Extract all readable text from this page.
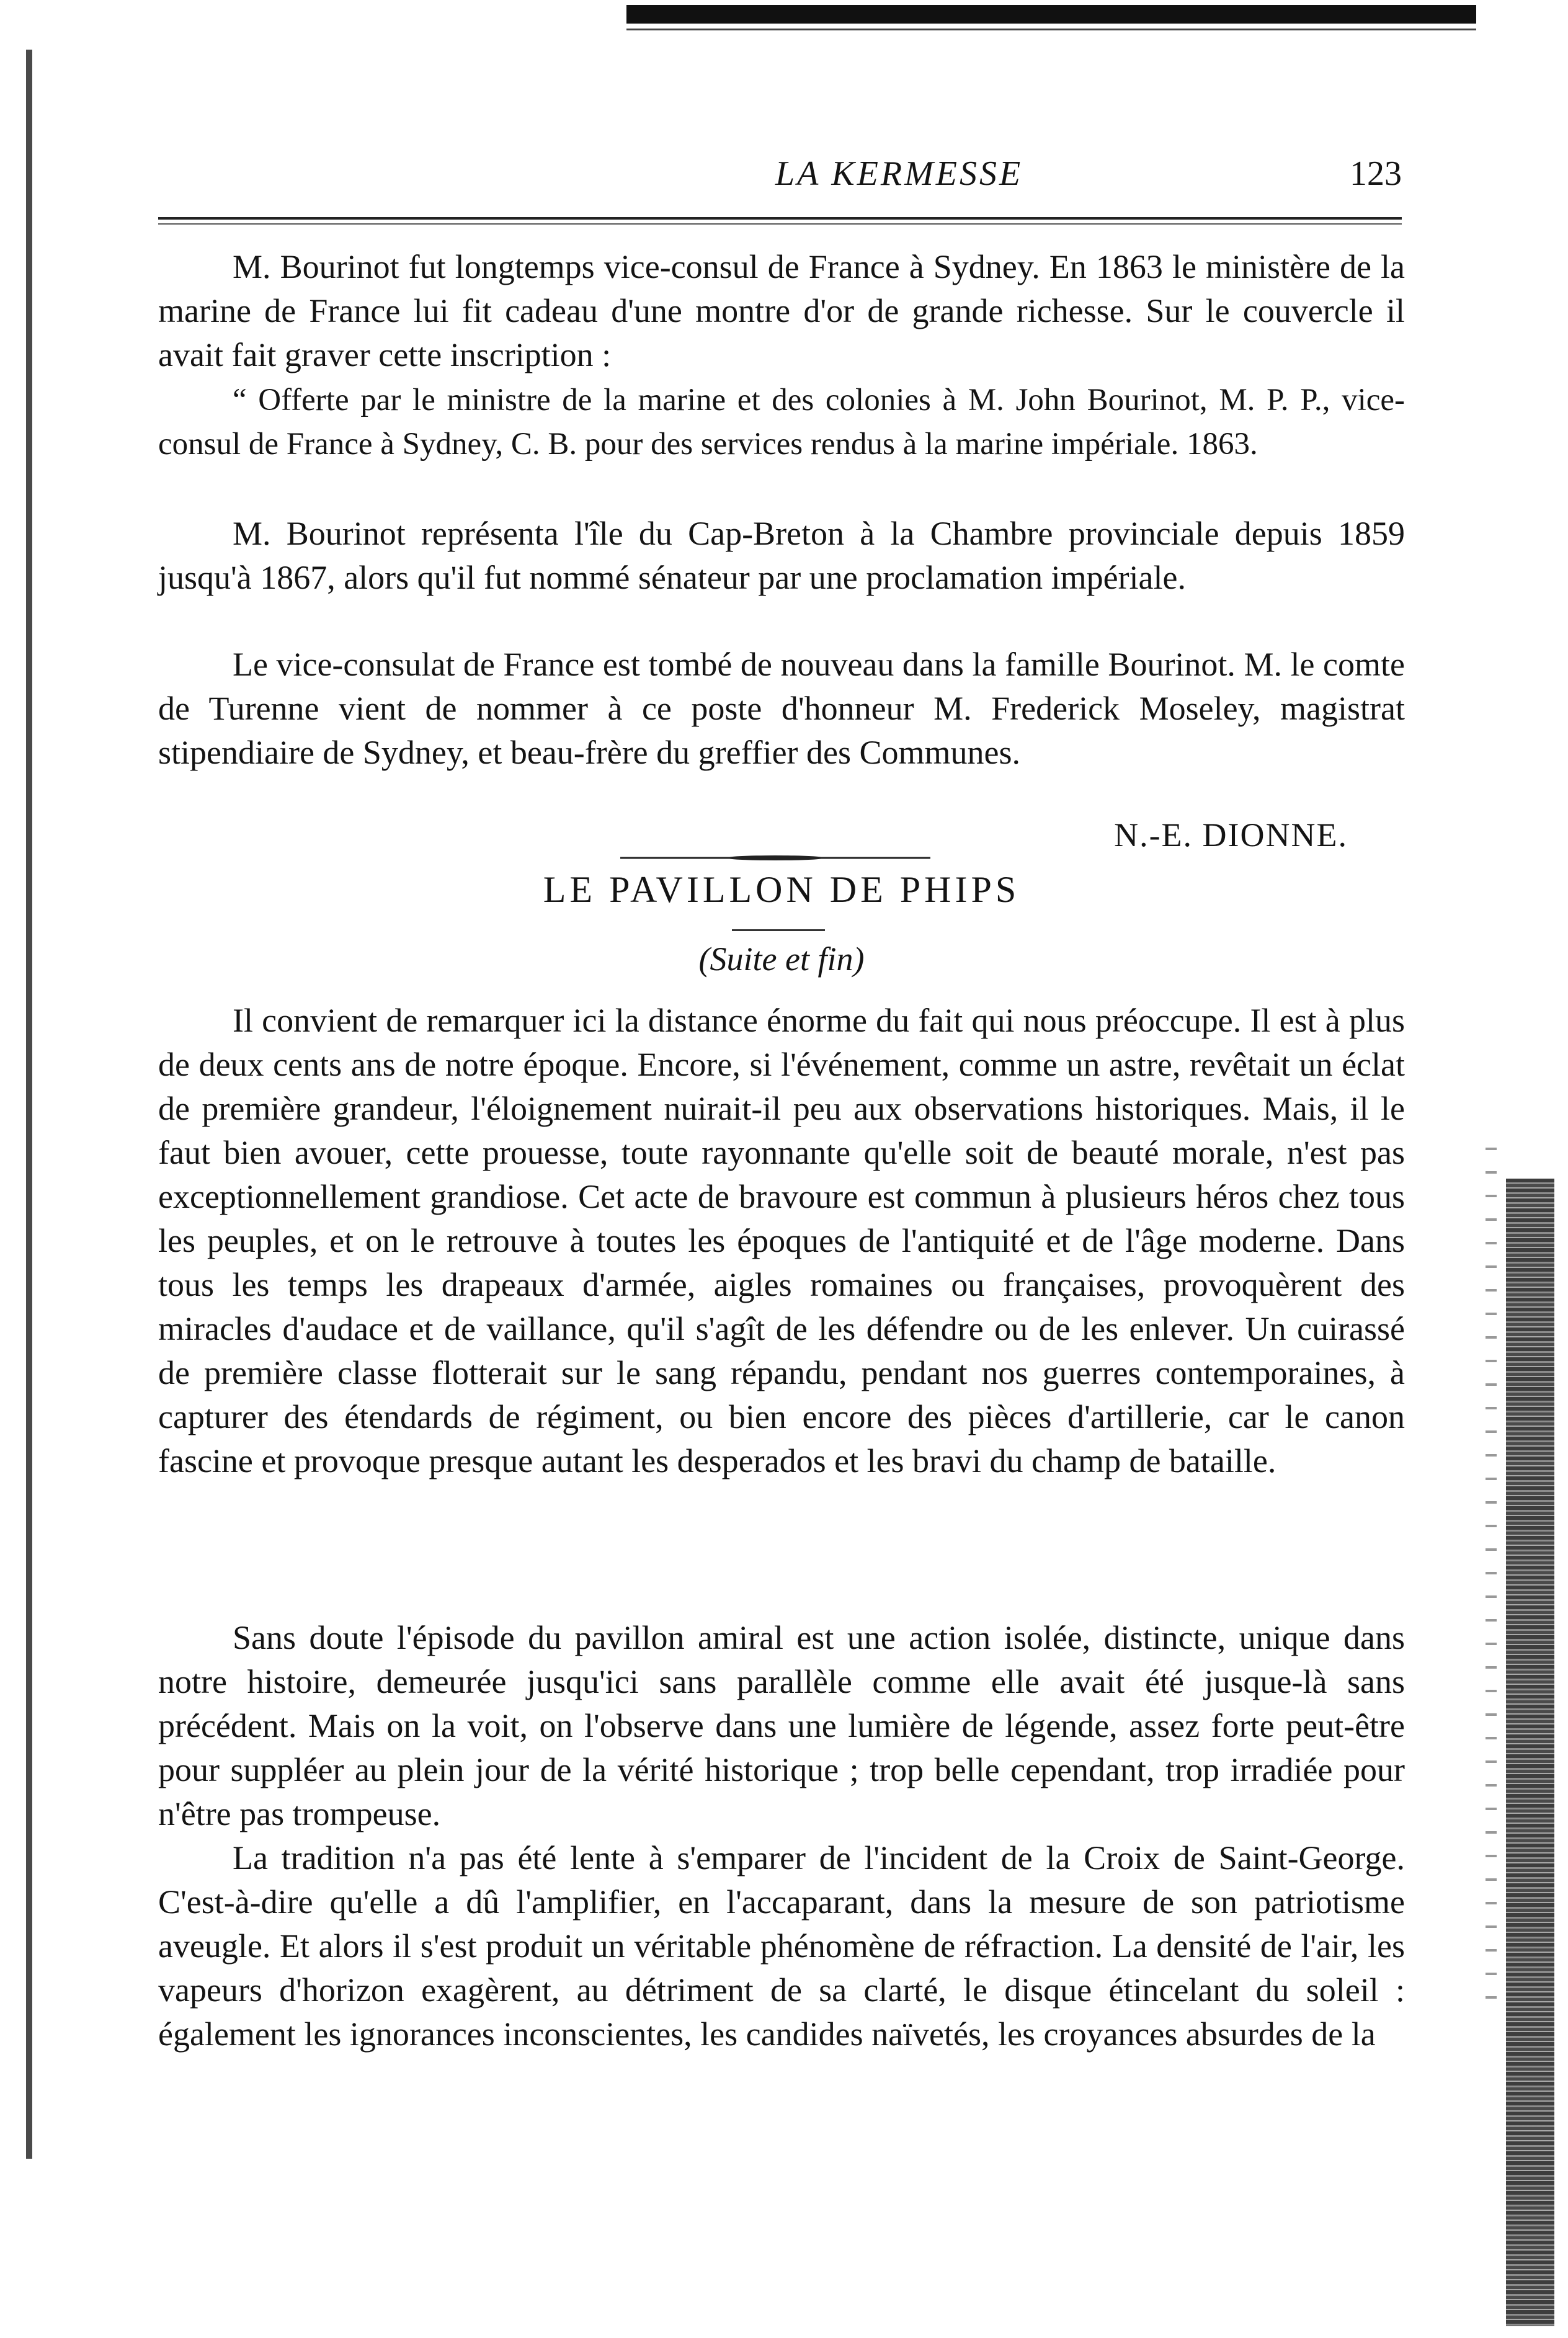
LA KERMESSE	123

M. Bourinot fut longtemps vice-consul de France à Sydney. En 1863 le ministère de la marine de France lui fit cadeau d'une montre d'or de grande richesse. Sur le couvercle il avait fait graver cette inscription :

“ Offerte par le ministre de la marine et des colonies à M. John Bourinot, M. P. P., vice-consul de France à Sydney, C. B. pour des services rendus à la marine impériale. 1863.

M. Bourinot représenta l'île du Cap-Breton à la Chambre provinciale depuis 1859 jusqu'à 1867, alors qu'il fut nommé sénateur par une proclamation impériale.

Le vice-consulat de France est tombé de nouveau dans la famille Bourinot. M. le comte de Turenne vient de nommer à ce poste d'honneur M. Frederick Moseley, magistrat stipendiaire de Sydney, et beau-frère du greffier des Communes.

N.-E. DIONNE.
LE PAVILLON DE PHIPS
(Suite et fin)

Il convient de remarquer ici la distance énorme du fait qui nous préoccupe. Il est à plus de deux cents ans de notre époque. Encore, si l'événement, comme un astre, revêtait un éclat de première grandeur, l'éloignement nuirait-il peu aux observations historiques. Mais, il le faut bien avouer, cette prouesse, toute rayonnante qu'elle soit de beauté morale, n'est pas exceptionnellement grandiose. Cet acte de bravoure est commun à plusieurs héros chez tous les peuples, et on le retrouve à toutes les époques de l'antiquité et de l'âge moderne. Dans tous les temps les drapeaux d'armée, aigles romaines ou françaises, provoquèrent des miracles d'audace et de vaillance, qu'il s'agît de les défendre ou de les enlever. Un cuirassé de première classe flotterait sur le sang répandu, pendant nos guerres contemporaines, à capturer des étendards de régiment, ou bien encore des pièces d'artillerie, car le canon fascine et provoque presque autant les desperados et les bravi du champ de bataille.

Sans doute l'épisode du pavillon amiral est une action isolée, distincte, unique dans notre histoire, demeurée jusqu'ici sans parallèle comme elle avait été jusque-là sans précédent. Mais on la voit, on l'observe dans une lumière de légende, assez forte peut-être pour suppléer au plein jour de la vérité historique ; trop belle cependant, trop irradiée pour n'être pas trompeuse.

La tradition n'a pas été lente à s'emparer de l'incident de la Croix de Saint-George. C'est-à-dire qu'elle a dû l'amplifier, en l'accaparant, dans la mesure de son patriotisme aveugle. Et alors il s'est produit un véritable phénomène de réfraction. La densité de l'air, les vapeurs d'horizon exagèrent, au détriment de sa clarté, le disque étincelant du soleil : également les ignorances inconscientes, les candides naïvetés, les croyances absurdes de la
